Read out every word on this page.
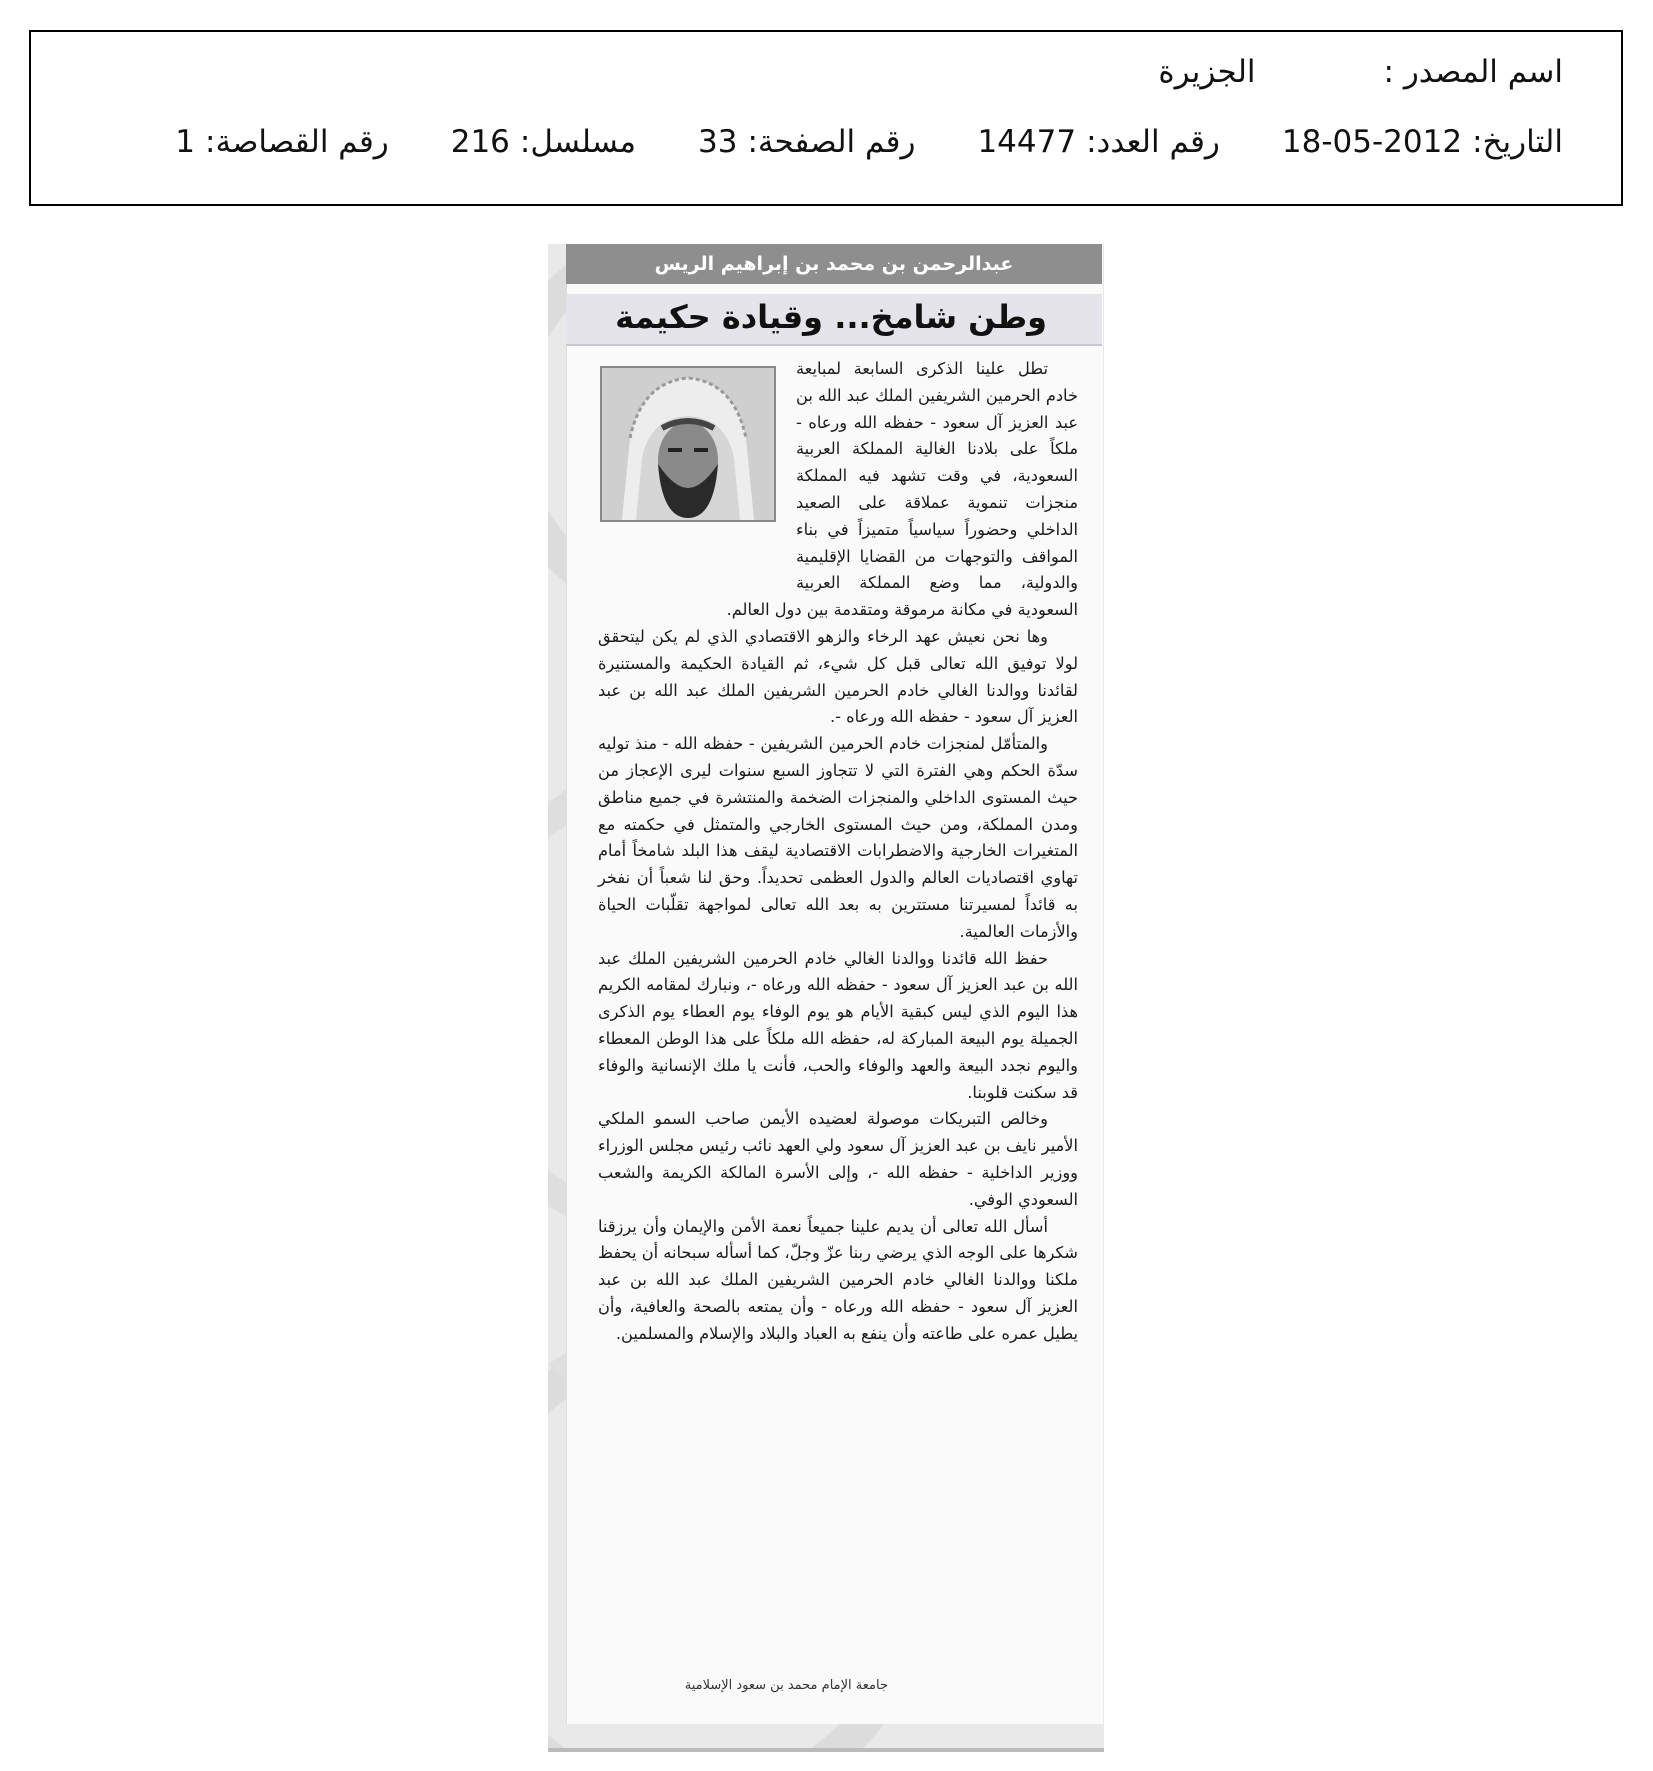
اسم المصدر :الجزيرة
التاريخ:2012-05-18رقم العدد:14477رقم الصفحة:33مسلسل:216رقم القصاصة:1
عبدالرحمن بن محمد بن إبراهيم الريس
وطن شامخ... وقيادة حكيمة

تطل علينا الذكرى السابعة لمبايعة خادم الحرمين الشريفين الملك عبد الله بن عبد العزيز آل سعود - حفظه الله ورعاه - ملكاً على بلادنا الغالية المملكة العربية السعودية، في وقت تشهد فيه المملكة منجزات تنموية عملاقة على الصعيد الداخلي وحضوراً سياسياً متميزاً في بناء المواقف والتوجهات من القضايا الإقليمية والدولية، مما وضع المملكة العربية السعودية في مكانة مرموقة ومتقدمة بين دول العالم.

وها نحن نعيش عهد الرخاء والزهو الاقتصادي الذي لم يكن ليتحقق لولا توفيق الله تعالى قبل كل شيء، ثم القيادة الحكيمة والمستنيرة لقائدنا ووالدنا الغالي خادم الحرمين الشريفين الملك عبد الله بن عبد العزيز آل سعود - حفظه الله ورعاه -.

والمتأمّل لمنجزات خادم الحرمين الشريفين - حفظه الله - منذ توليه سدّة الحكم وهي الفترة التي لا تتجاوز السبع سنوات ليرى الإعجاز من حيث المستوى الداخلي والمنجزات الضخمة والمنتشرة في جميع مناطق ومدن المملكة، ومن حيث المستوى الخارجي والمتمثل في حكمته مع المتغيرات الخارجية والاضطرابات الاقتصادية ليقف هذا البلد شامخاً أمام تهاوي اقتصاديات العالم والدول العظمى تحديداً. وحق لنا شعباً أن نفخر به قائداً لمسيرتنا مستترين به بعد الله تعالى لمواجهة تقلّبات الحياة والأزمات العالمية.

حفظ الله قائدنا ووالدنا الغالي خادم الحرمين الشريفين الملك عبد الله بن عبد العزيز آل سعود - حفظه الله ورعاه -، ونبارك لمقامه الكريم هذا اليوم الذي ليس كبقية الأيام هو يوم الوفاء يوم العطاء يوم الذكرى الجميلة يوم البيعة المباركة له، حفظه الله ملكاً على هذا الوطن المعطاء واليوم نجدد البيعة والعهد والوفاء والحب، فأنت يا ملك الإنسانية والوفاء قد سكنت قلوبنا.

وخالص التبريكات موصولة لعضيده الأيمن صاحب السمو الملكي الأمير نايف بن عبد العزيز آل سعود ولي العهد نائب رئيس مجلس الوزراء ووزير الداخلية - حفظه الله -، وإلى الأسرة المالكة الكريمة والشعب السعودي الوفي.

أسأل الله تعالى أن يديم علينا جميعاً نعمة الأمن والإيمان وأن يرزقنا شكرها على الوجه الذي يرضي ربنا عزّ وجلّ، كما أسأله سبحانه أن يحفظ ملكنا ووالدنا الغالي خادم الحرمين الشريفين الملك عبد الله بن عبد العزيز آل سعود - حفظه الله ورعاه - وأن يمتعه بالصحة والعافية، وأن يطيل عمره على طاعته وأن ينفع به العباد والبلاد والإسلام والمسلمين.

جامعة الإمام محمد بن سعود الإسلامية
